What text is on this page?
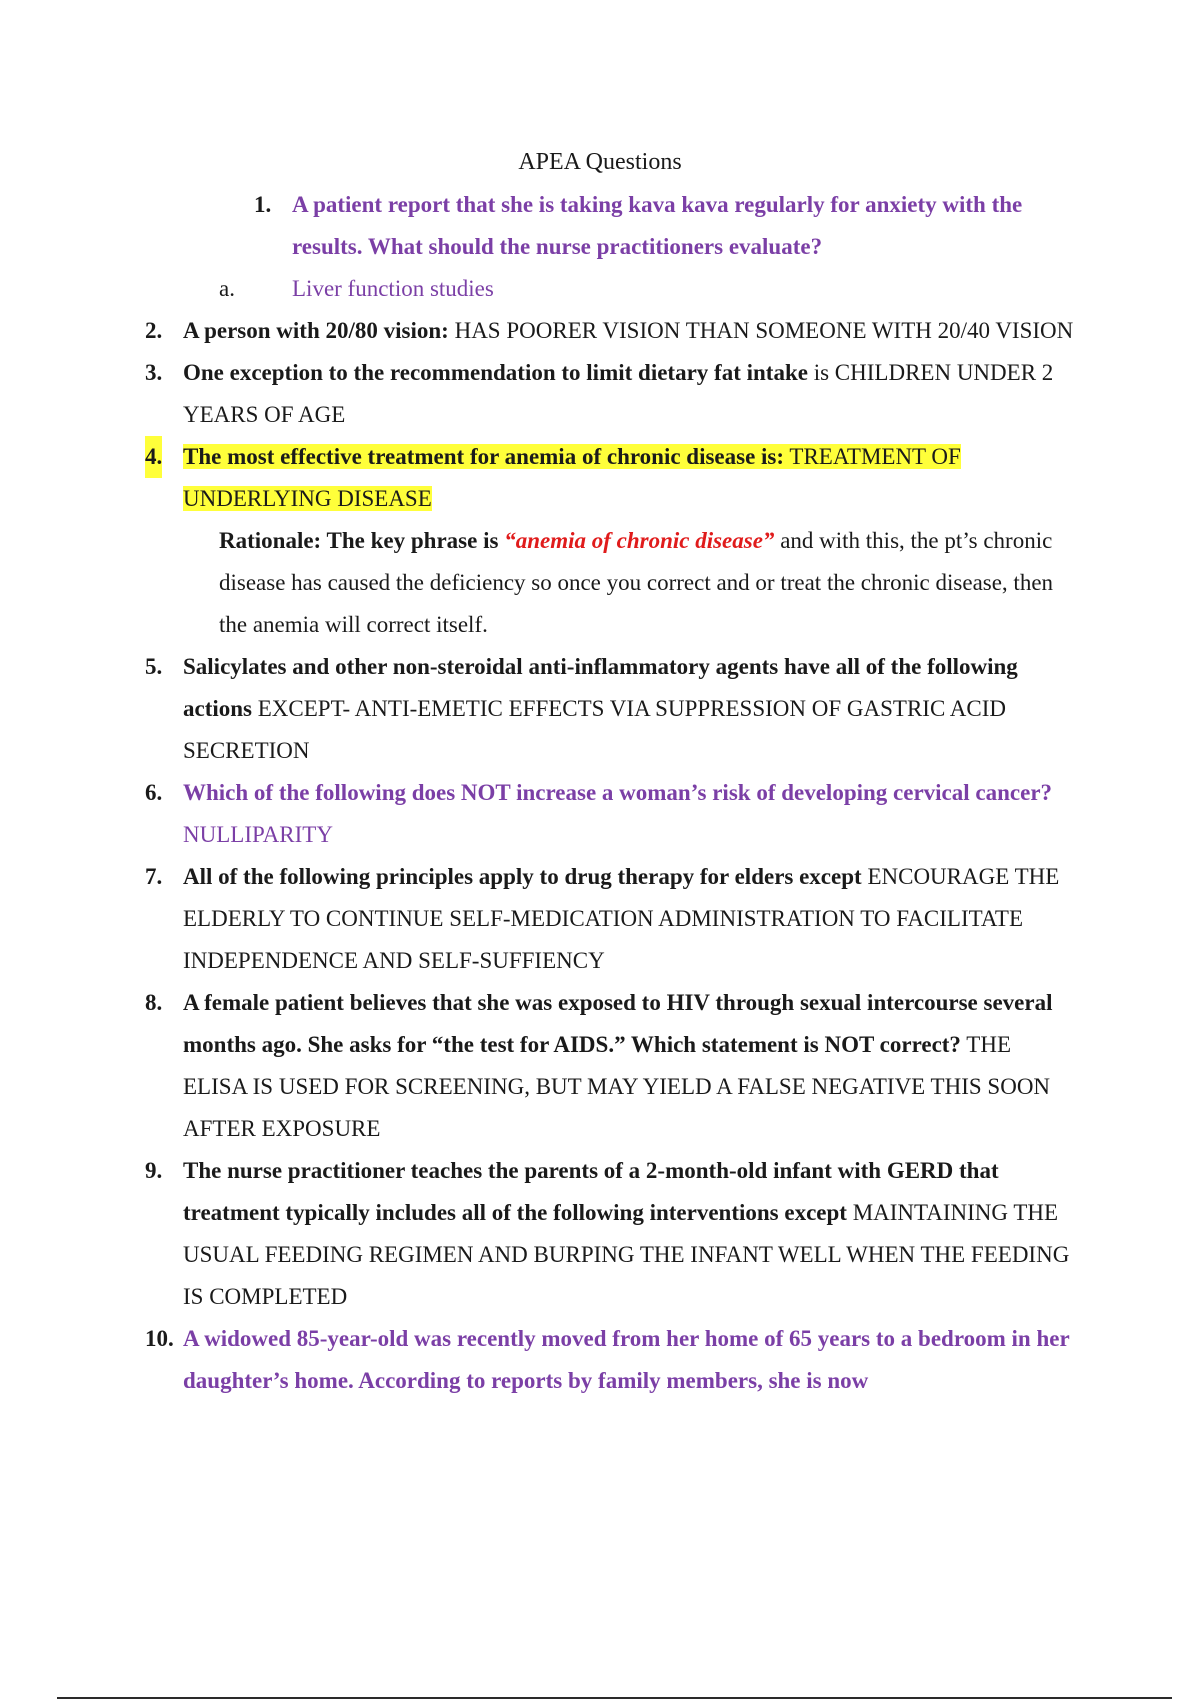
APEA Questions
1. A patient report that she is taking kava kava regularly for anxiety with the results. What should the nurse practitioners evaluate?
a. Liver function studies
2. A person with 20/80 vision: HAS POORER VISION THAN SOMEONE WITH 20/40 VISION
3. One exception to the recommendation to limit dietary fat intake is CHILDREN UNDER 2 YEARS OF AGE
4. The most effective treatment for anemia of chronic disease is: TREATMENT OF UNDERLYING DISEASE
Rationale: The key phrase is “anemia of chronic disease” and with this, the pt’s chronic disease has caused the deficiency so once you correct and or treat the chronic disease, then the anemia will correct itself.
5. Salicylates and other non-steroidal anti-inflammatory agents have all of the following actions EXCEPT- ANTI-EMETIC EFFECTS VIA SUPPRESSION OF GASTRIC ACID SECRETION
6. Which of the following does NOT increase a woman’s risk of developing cervical cancer? NULLIPARITY
7. All of the following principles apply to drug therapy for elders except ENCOURAGE THE ELDERLY TO CONTINUE SELF-MEDICATION ADMINISTRATION TO FACILITATE INDEPENDENCE AND SELF-SUFFIENCY
8. A female patient believes that she was exposed to HIV through sexual intercourse several months ago. She asks for “the test for AIDS.” Which statement is NOT correct? THE ELISA IS USED FOR SCREENING, BUT MAY YIELD A FALSE NEGATIVE THIS SOON AFTER EXPOSURE
9. The nurse practitioner teaches the parents of a 2-month-old infant with GERD that treatment typically includes all of the following interventions except MAINTAINING THE USUAL FEEDING REGIMEN AND BURPING THE INFANT WELL WHEN THE FEEDING IS COMPLETED
10. A widowed 85-year-old was recently moved from her home of 65 years to a bedroom in her daughter’s home. According to reports by family members, she is now
